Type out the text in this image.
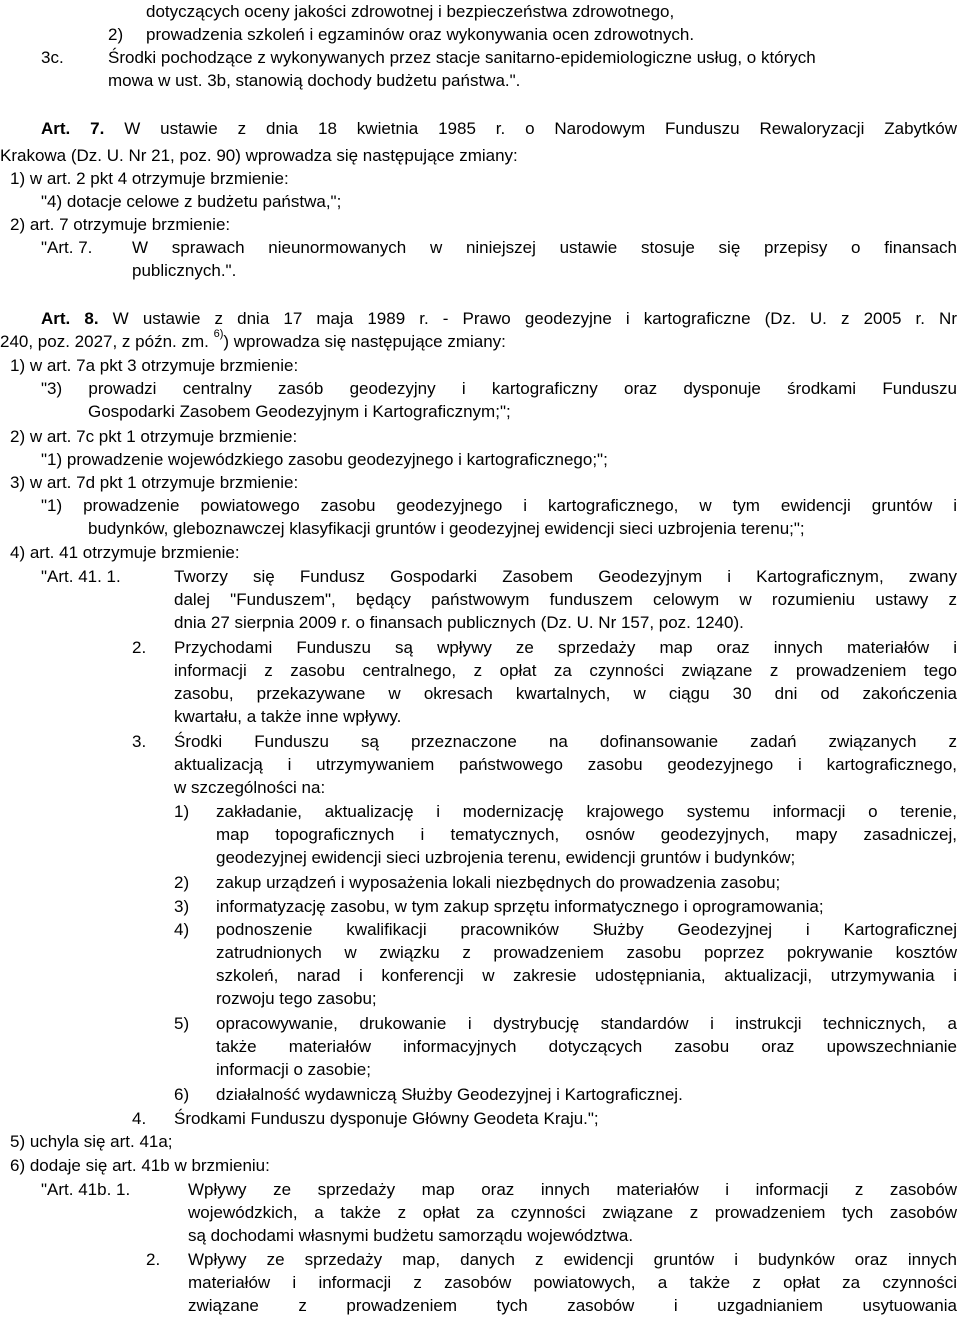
dotyczących oceny jakości zdrowotnej i bezpieczeństwa zdrowotnego,
2) prowadzenia szkoleń i egzaminów oraz wykonywania ocen zdrowotnych.
3c.	Środki pochodzące z wykonywanych przez stacje sanitarno-epidemiologiczne usług, o których
mowa w ust. 3b, stanowią dochody budżetu państwa.".
Art. 7. W ustawie z dnia 18 kwietnia 1985 r. o Narodowym Funduszu Rewaloryzacji Zabytków
Krakowa (Dz. U. Nr 21, poz. 90) wprowadza się następujące zmiany:
1) w art. 2 pkt 4 otrzymuje brzmienie:
"4) dotacje celowe z budżetu państwa,";
2) art. 7 otrzymuje brzmienie:
"Art. 7. W sprawach nieunormowanych w niniejszej ustawie stosuje się przepisy o finansach
publicznych.".
Art. 8. W ustawie z dnia 17 maja 1989 r. - Prawo geodezyjne i kartograficzne (Dz. U. z 2005 r. Nr
240, poz. 2027, z późn. zm. $^{6)}$) wprowadza się następujące zmiany:
1) w art. 7a pkt 3 otrzymuje brzmienie:
"3) prowadzi centralny zasób geodezyjny i kartograficzny oraz dysponuje środkami Funduszu
Gospodarki Zasobem Geodezyjnym i Kartograficznym;";
2) w art. 7c pkt 1 otrzymuje brzmienie:
"1) prowadzenie wojewódzkiego zasobu geodezyjnego i kartograficznego;";
3) w art. 7d pkt 1 otrzymuje brzmienie:
"1) prowadzenie powiatowego zasobu geodezyjnego i kartograficznego, w tym ewidencji gruntów i
budynków, gleboznawczej klasyfikacji gruntów i geodezyjnej ewidencji sieci uzbrojenia terenu;";
4) art. 41 otrzymuje brzmienie:
"Art. 41. 1.	Tworzy się Fundusz Gospodarki Zasobem Geodezyjnym i Kartograficznym, zwany
dalej "Funduszem", będący państwowym funduszem celowym w rozumieniu ustawy z
dnia 27 sierpnia 2009 r. o finansach publicznych (Dz. U. Nr 157, poz. 1240).
2. Przychodami Funduszu są wpływy ze sprzedaży map oraz innych materiałów i
informacji z zasobu centralnego, z opłat za czynności związane z prowadzeniem tego
zasobu, przekazywane w okresach kwartalnych, w ciągu 30 dni od zakończenia
kwartału, a także inne wpływy.
3. Środki Funduszu są przeznaczone na dofinansowanie zadań związanych z
aktualizacją i utrzymywaniem państwowego zasobu geodezyjnego i kartograficznego,
w szczególności na:
1) zakładanie, aktualizację i modernizację krajowego systemu informacji o terenie,
map topograficznych i tematycznych, osnów geodezyjnych, mapy zasadniczej,
geodezyjnej ewidencji sieci uzbrojenia terenu, ewidencji gruntów i budynków;
2) zakup urządzeń i wyposażenia lokali niezbędnych do prowadzenia zasobu;
3) informatyzację zasobu, w tym zakup sprzętu informatycznego i oprogramowania;
4) podnoszenie kwalifikacji pracowników Służby Geodezyjnej i Kartograficznej
zatrudnionych w związku z prowadzeniem zasobu poprzez pokrywanie kosztów
szkoleń, narad i konferencji w zakresie udostępniania, aktualizacji, utrzymywania i
rozwoju tego zasobu;
5) opracowywanie, drukowanie i dystrybucję standardów i instrukcji technicznych, a
także materiałów informacyjnych dotyczących zasobu oraz upowszechnianie
informacji o zasobie;
6) działalność wydawniczą Służby Geodezyjnej i Kartograficznej.
4. Środkami Funduszu dysponuje Główny Geodeta Kraju.";
5) uchyla się art. 41a;
6) dodaje się art. 41b w brzmieniu:
"Art. 41b. 1.	Wpływy ze sprzedaży map oraz innych materiałów i informacji z zasobów
wojewódzkich, a także z opłat za czynności związane z prowadzeniem tych zasobów
są dochodami własnymi budżetu samorządu województwa.
2. Wpływy ze sprzedaży map, danych z ewidencji gruntów i budynków oraz innych
materiałów i informacji z zasobów powiatowych, a także z opłat za czynności
związane z prowadzeniem tych zasobów i uzgadnianiem usytuowania
